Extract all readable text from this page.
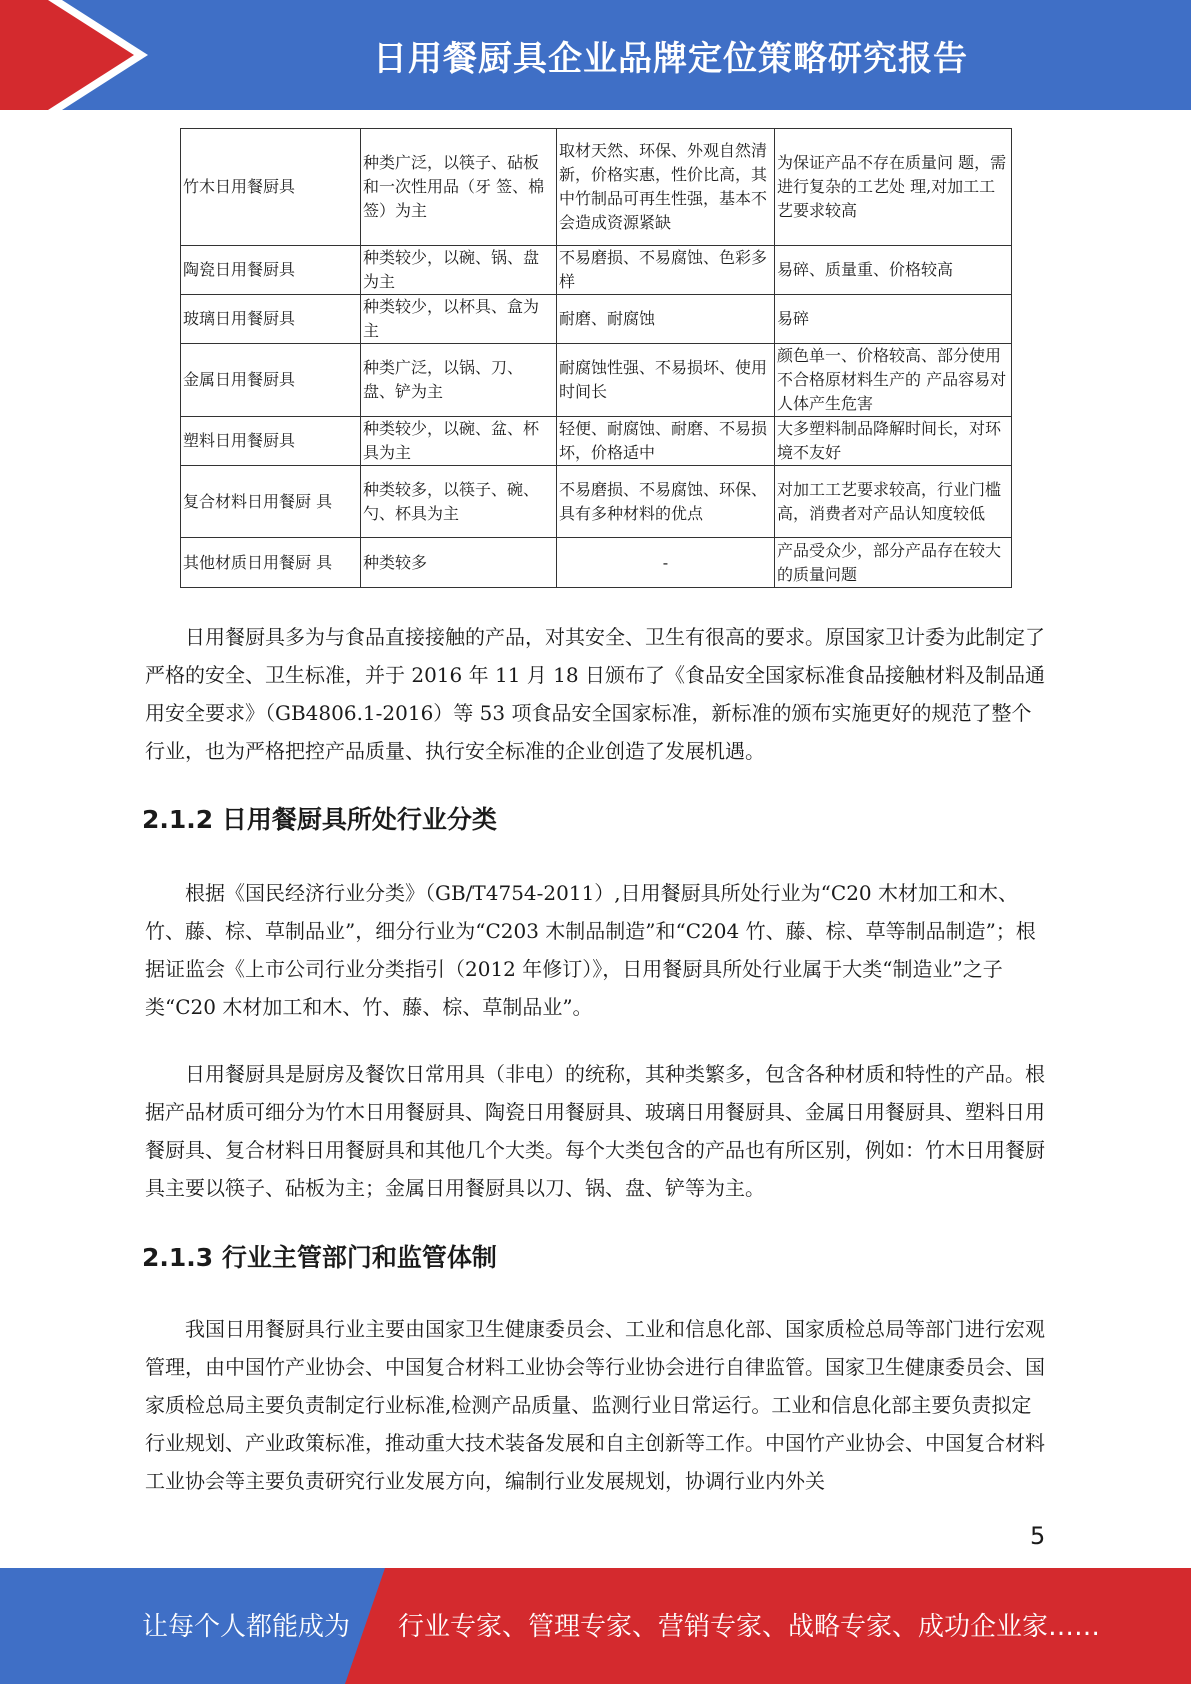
日用餐厨具企业品牌定位策略研究报告
竹木日用餐厨具	种类广泛，以筷子、砧板和一次性用品（牙 签、棉签）为主	取材天然、环保、外观自然清新，价格实惠，性价比高，其中竹制品可再生性强，基本不会造成资源紧缺	为保证产品不存在质量问 题，需进行复杂的工艺处 理,对加工工艺要求较高
陶瓷日用餐厨具	种类较少，以碗、锅、盘为主	不易磨损、不易腐蚀、色彩多样	易碎、质量重、价格较高
玻璃日用餐厨具	种类较少，以杯具、盒为主	耐磨、耐腐蚀	易碎
金属日用餐厨具	种类广泛，以锅、刀、盘、铲为主	耐腐蚀性强、不易损坏、使用时间长	颜色单一、价格较高、部分使用不合格原材料生产的 产品容易对人体产生危害
塑料日用餐厨具	种类较少，以碗、盆、杯具为主	轻便、耐腐蚀、耐磨、不易损坏，价格适中	大多塑料制品降解时间长，对环境不友好
复合材料日用餐厨 具	种类较多，以筷子、碗、勺、杯具为主	不易磨损、不易腐蚀、环保、具有多种材料的优点	对加工工艺要求较高，行业门槛高，消费者对产品认知度较低
其他材质日用餐厨 具	种类较多	-	产品受众少，部分产品存在较大的质量问题

日用餐厨具多为与食品直接接触的产品，对其安全、卫生有很高的要求。原国家卫计委为此制定了严格的安全、卫生标准，并于 2016 年 11 月 18 日颁布了《食品安全国家标准食品接触材料及制品通用安全要求》（GB4806.1-2016）等 53 项食品安全国家标准，新标准的颁布实施更好的规范了整个行业，也为严格把控产品质量、执行安全标准的企业创造了发展机遇。

2.1.2 日用餐厨具所处行业分类

根据《国民经济行业分类》（GB/T4754-2011）,日用餐厨具所处行业为“C20 木材加工和木、竹、藤、棕、草制品业”，细分行业为“C203 木制品制造”和“C204 竹、藤、棕、草等制品制造”；根据证监会《上市公司行业分类指引（2012 年修订）》，日用餐厨具所处行业属于大类“制造业”之子类“C20 木材加工和木、竹、藤、棕、草制品业”。

日用餐厨具是厨房及餐饮日常用具（非电）的统称，其种类繁多，包含各种材质和特性的产品。根据产品材质可细分为竹木日用餐厨具、陶瓷日用餐厨具、玻璃日用餐厨具、金属日用餐厨具、塑料日用餐厨具、复合材料日用餐厨具和其他几个大类。每个大类包含的产品也有所区别，例如：竹木日用餐厨具主要以筷子、砧板为主；金属日用餐厨具以刀、锅、盘、铲等为主。

2.1.3 行业主管部门和监管体制

我国日用餐厨具行业主要由国家卫生健康委员会、工业和信息化部、国家质检总局等部门进行宏观管理，由中国竹产业协会、中国复合材料工业协会等行业协会进行自律监管。国家卫生健康委员会、国家质检总局主要负责制定行业标准,检测产品质量、监测行业日常运行。工业和信息化部主要负责拟定行业规划、产业政策标准，推动重大技术装备发展和自主创新等工作。中国竹产业协会、中国复合材料工业协会等主要负责研究行业发展方向，编制行业发展规划，协调行业内外关

5
让每个人都能成为 行业专家、管理专家、营销专家、战略专家、成功企业家……
